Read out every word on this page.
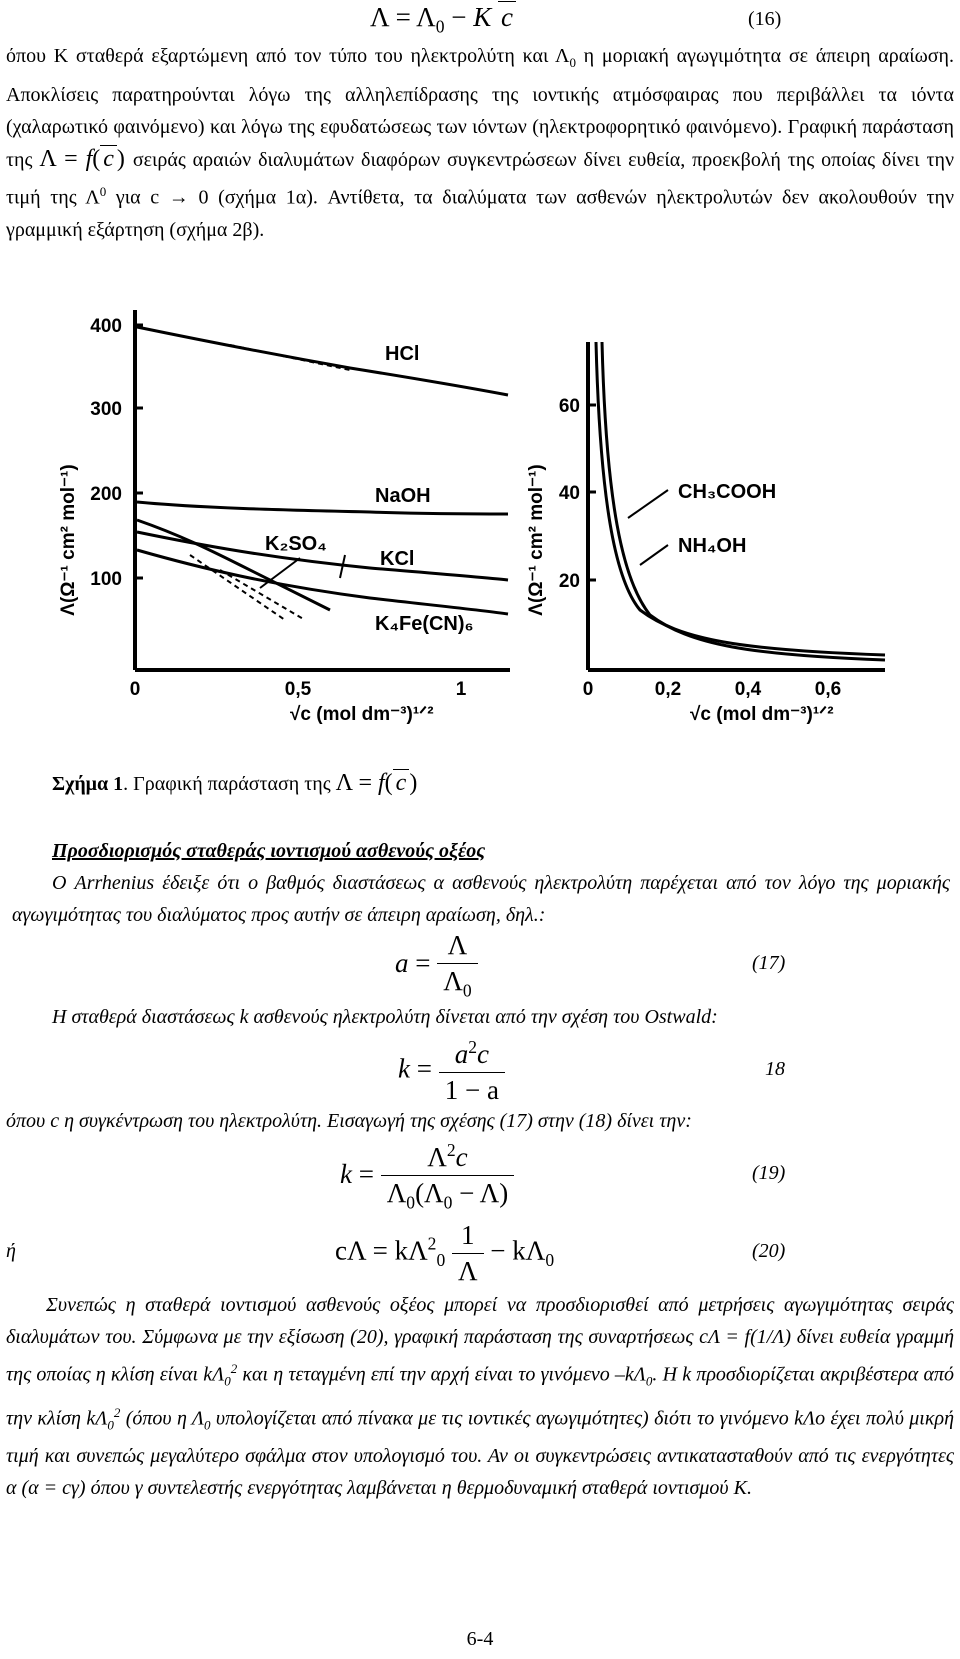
$\Lambda = \Lambda_0 - K$ c	(16)
όπου K σταθερά εξαρτώμενη από τον τύπο του ηλεκτρολύτη και $\Lambda_0$ η μοριακή αγωγιμότητα σε άπειρη αραίωση. Αποκλίσεις παρατηρούνται λόγω της αλληλεπίδρασης της ιοντικής ατμόσφαιρας που περιβάλλει τα ιόντα (χαλαρωτικό φαινόμενο) και λόγω της εφυδατώσεως των ιόντων (ηλεκτροφορητικό φαινόμενο). Γραφική παράσταση της Λ = f( c ) σειράς αραιών διαλυμάτων διαφόρων συγκεντρώσεων δίνει ευθεία, προεκβολή της οποίας δίνει την τιμή της $\Lambda^0$ για c → 0 (σχήμα 1α). Αντίθετα, τα διαλύματα των ασθενών ηλεκτρολυτών δεν ακολουθούν την γραμμική εξάρτηση (σχήμα 2β).
Λ(Ω⁻¹ cm² mol⁻¹)
400
300
200
100
0	0,5	1
√c (mol dm⁻³)¹ᐟ²
HCl
NaOH
K₂SO₄
KCl
K₄Fe(CN)₆
Λ(Ω⁻¹ cm² mol⁻¹)
60
40
20
0	0,2	0,4	0,6
√c (mol dm⁻³)¹ᐟ²
CH₃COOH
NH₄OH
Σχήμα 1. Γραφική παράσταση της Λ = f( c )
Προσδιορισμός σταθεράς ιοντισμού ασθενούς οξέος
Ο Arrhenius έδειξε ότι ο βαθμός διαστάσεως α ασθενούς ηλεκτρολύτη παρέχεται από τον λόγο της μοριακής αγωγιμότητας του διαλύματος προς αυτήν σε άπειρη αραίωση, δηλ.:
$a = \frac{\Lambda}{\Lambda_0}$	(17)
Η σταθερά διαστάσεως k ασθενούς ηλεκτρολύτη δίνεται από την σχέση του Ostwald:
$k = \frac{a^2c}{1 - a}$	18
όπου c η συγκέντρωση του ηλεκτρολύτη. Εισαγωγή της σχέσης (17) στην (18) δίνει την:
$k = \frac{\Lambda^2c}{\Lambda_0(\Lambda_0 - \Lambda)}$	(19)
ή	$c\Lambda = k\Lambda^2_0 \frac{1}{\Lambda} - k\Lambda_0$	(20)
Συνεπώς η σταθερά ιοντισμού ασθενούς οξέος μπορεί να προσδιορισθεί από μετρήσεις αγωγιμότητας σειράς διαλυμάτων του. Σύμφωνα με την εξίσωση (20), γραφική παράσταση της συναρτήσεως cΛ = f(1/Λ) δίνει ευθεία γραμμή της οποίας η κλίση είναι $k\Lambda_0^2$ και η τεταγμένη επί την αρχή είναι το γινόμενο $-k\Lambda_0$. Η k προσδιορίζεται ακριβέστερα από την κλίση $k\Lambda_0^2$ (όπου η $\Lambda_0$ υπολογίζεται από πίνακα με τις ιοντικές αγωγιμότητες) διότι το γινόμενο kΛο έχει πολύ μικρή τιμή και συνεπώς μεγαλύτερο σφάλμα στον υπολογισμό του. Αν οι συγκεντρώσεις αντικατασταθούν από τις ενεργότητες α (α = cγ) όπου γ συντελεστής ενεργότητας λαμβάνεται η θερμοδυναμική σταθερά ιοντισμού K.
6-4
